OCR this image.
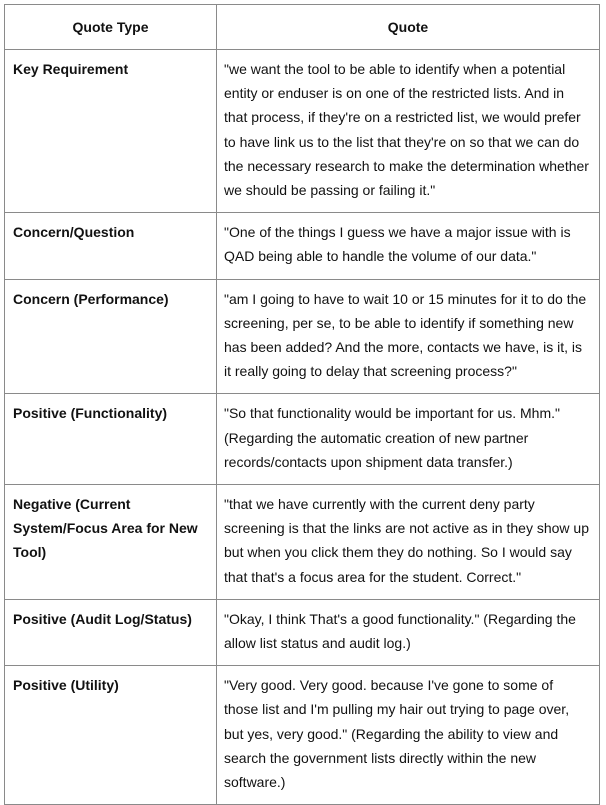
Quote Type	Quote
Key Requirement	"we want the tool to be able to identify when a potential entity or enduser is on one of the restricted lists. And in that process, if they're on a restricted list, we would prefer to have link us to the list that they're on so that we can do the necessary research to make the determination whether we should be passing or failing it."
Concern/Question	"One of the things I guess we have a major issue with is QAD being able to handle the volume of our data."
Concern (Performance)	"am I going to have to wait 10 or 15 minutes for it to do the screening, per se, to be able to identify if something new has been added? And the more, contacts we have, is it, is it really going to delay that screening process?"
Positive (Functionality)	"So that functionality would be important for us. Mhm." (Regarding the automatic creation of new partner records/contacts upon shipment data transfer.)
Negative (Current System/Focus Area for New Tool)	"that we have currently with the current deny party screening is that the links are not active as in they show up but when you click them they do nothing. So I would say that that's a focus area for the student. Correct."
Positive (Audit Log/Status)	"Okay, I think That's a good functionality." (Regarding the allow list status and audit log.)
Positive (Utility)	"Very good. Very good. because I've gone to some of those list and I'm pulling my hair out trying to page over, but yes, very good." (Regarding the ability to view and search the government lists directly within the new software.)
